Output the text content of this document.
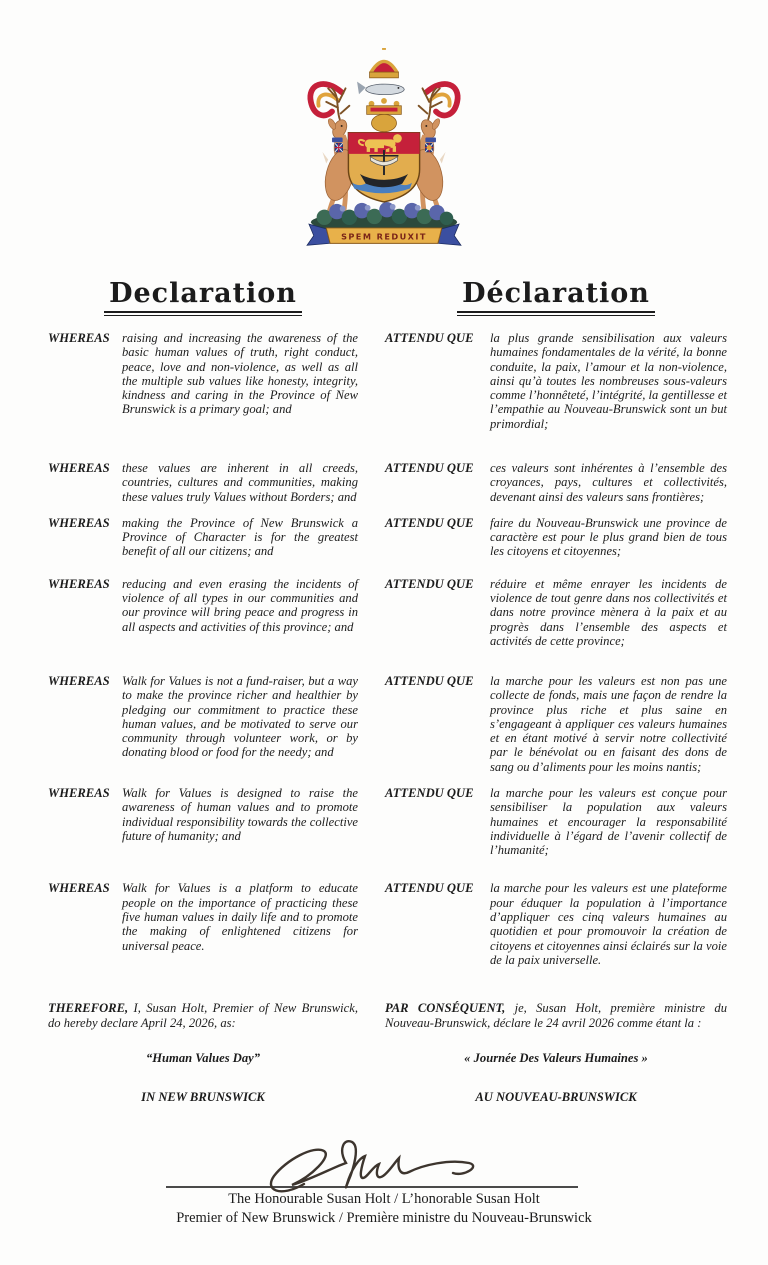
SPEM REDUXIT
Declaration	Déclaration
WHEREAS raising and increasing the awareness of the basic human values of truth, right conduct, peace, love and non-violence, as well as all the multiple sub values like honesty, integrity, kindness and caring in the Province of New Brunswick is a primary goal; and
ATTENDU QUE	la plus grande sensibilisation aux valeurs humaines fondamentales de la vérité, la bonne conduite, la paix, l’amour et la non-violence, ainsi qu’à toutes les nombreuses sous-valeurs comme l’honnêteté, l’intégrité, la gentillesse et l’empathie au Nouveau-Brunswick sont un but primordial;
WHEREAS these values are inherent in all creeds, countries, cultures and communities, making these values truly Values without Borders; and
ATTENDU QUE	ces valeurs sont inhérentes à l’ensemble des croyances, pays, cultures et collectivités, devenant ainsi des valeurs sans frontières;
WHEREAS making the Province of New Brunswick a Province of Character is for the greatest benefit of all our citizens; and
ATTENDU QUE	faire du Nouveau-Brunswick une province de caractère est pour le plus grand bien de tous les citoyens et citoyennes;
WHEREAS reducing and even erasing the incidents of violence of all types in our communities and our province will bring peace and progress in all aspects and activities of this province; and
ATTENDU QUE	réduire et même enrayer les incidents de violence de tout genre dans nos collectivités et dans notre province mènera à la paix et au progrès dans l’ensemble des aspects et activités de cette province;
WHEREAS Walk for Values is not a fund-raiser, but a way to make the province richer and healthier by pledging our commitment to practice these human values, and be motivated to serve our community through volunteer work, or by donating blood or food for the needy; and
ATTENDU QUE	la marche pour les valeurs est non pas une collecte de fonds, mais une façon de rendre la province plus riche et plus saine en s’engageant à appliquer ces valeurs humaines et en étant motivé à servir notre collectivité par le bénévolat ou en faisant des dons de sang ou d’aliments pour les moins nantis;
WHEREAS Walk for Values is designed to raise the awareness of human values and to promote individual responsibility towards the collective future of humanity; and
ATTENDU QUE	la marche pour les valeurs est conçue pour sensibiliser la population aux valeurs humaines et encourager la responsabilité individuelle à l’égard de l’avenir collectif de l’humanité;
WHEREAS Walk for Values is a platform to educate people on the importance of practicing these five human values in daily life and to promote the making of enlightened citizens for universal peace.
ATTENDU QUE	la marche pour les valeurs est une plateforme pour éduquer la population à l’importance d’appliquer ces cinq valeurs humaines au quotidien et pour promouvoir la création de citoyens et citoyennes ainsi éclairés sur la voie de la paix universelle.

THEREFORE, I, Susan Holt, Premier of New Brunswick, do hereby declare April 24, 2026, as:

“Human Values Day”
IN NEW BRUNSWICK

PAR CONSÉQUENT, je, Susan Holt, première ministre du Nouveau-Brunswick, déclare le 24 avril 2026 comme étant la :

« Journée Des Valeurs Humaines »
AU NOUVEAU-BRUNSWICK
The Honourable Susan Holt / L’honorable Susan Holt
Premier of New Brunswick / Première ministre du Nouveau-Brunswick
